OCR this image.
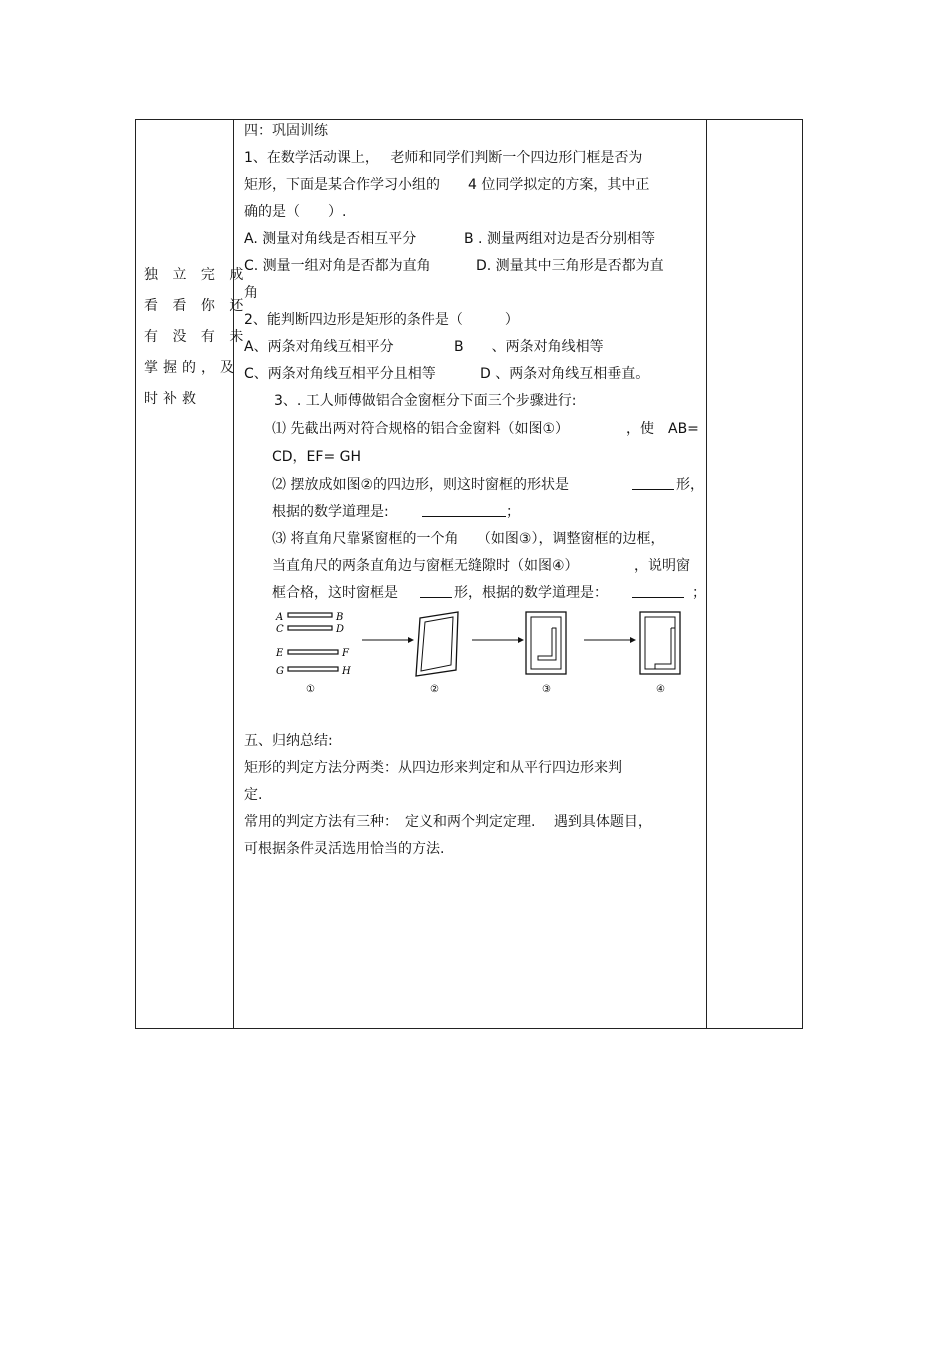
独 立 完 成
看 看 你 还
有 没 有 未
掌握的，及
时补救
四：巩固训练
1、在数学活动课上，　 老师和同学们判断一个四边形门框是否为
矩形，下面是某合作学习小组的　　4 位同学拟定的方案，其中正
确的是（　　）.
A. 测量对角线是否相互平分	B . 测量两组对边是否分别相等
C. 测量一组对角是否都为直角	D. 测量其中三角形是否都为直
角
2、能判断四边形是矩形的条件是（　　　）
A、两条对角线互相平分	B　　、两条对角线相等
C、两条对角线互相平分且相等	D 、两条对角线互相垂直。
3、. 工人师傅做铝合金窗框分下面三个步骤进行:
⑴ 先截出两对符合规格的铝合金窗料（如图①）	，使　AB=
CD，EF= GH
⑵ 摆放成如图②的四边形，则这时窗框的形状是	形，
根据的数学道理是:	；
⑶ 将直角尺靠紧窗框的一个角　 （如图③），调整窗框的边框，
当直角尺的两条直角边与窗框无缝隙时（如图④）	，说明窗
框合格，这时窗框是	形，根据的数学道理是：	；
A	B
C	D
E	F
G	H
①	②	③	④
五、归纳总结:
矩形的判定方法分两类：从四边形来判定和从平行四边形来判
定.
常用的判定方法有三种：　定义和两个判定定理.　 遇到具体题目，
可根据条件灵活选用恰当的方法.
